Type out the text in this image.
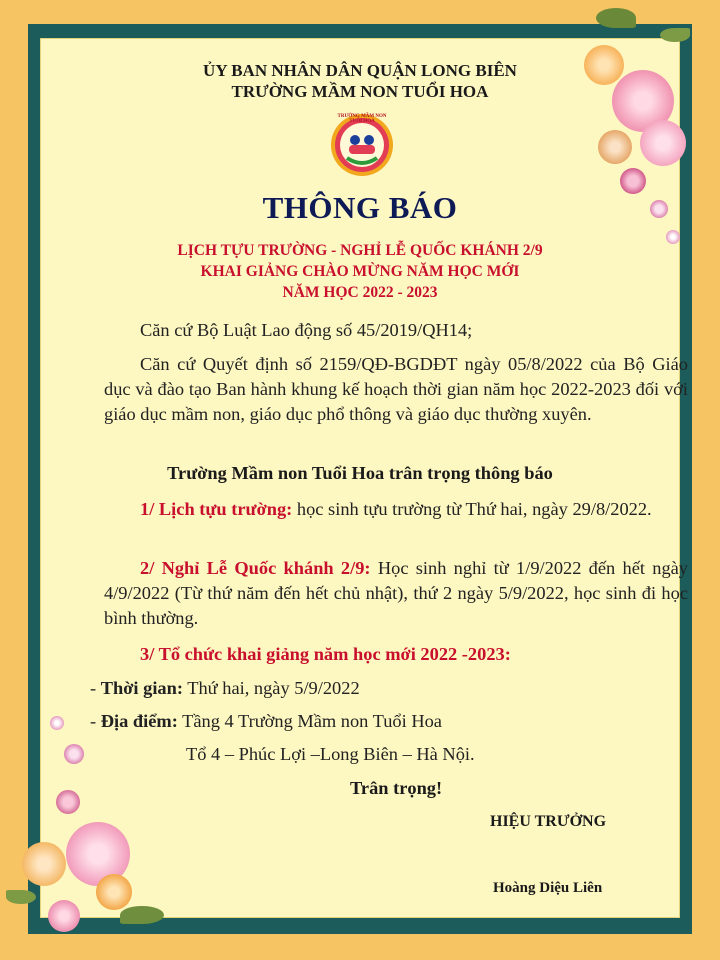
ỦY BAN NHÂN DÂN QUẬN LONG BIÊN
TRƯỜNG MẦM NON TUỔI HOA
TRƯỜNG MẦM NON TUỔI HOA
THÔNG BÁO
LỊCH TỰU TRƯỜNG - NGHỈ LỄ QUỐC KHÁNH 2/9
KHAI GIẢNG CHÀO MỪNG NĂM HỌC MỚI
NĂM HỌC 2022 - 2023
Căn cứ Bộ Luật Lao động số 45/2019/QH14;
Căn cứ Quyết định số 2159/QĐ-BGDĐT ngày 05/8/2022 của Bộ Giáo dục và đào tạo Ban hành khung kế hoạch thời gian năm học 2022-2023 đối với giáo dục mầm non, giáo dục phổ thông và giáo dục thường xuyên.
Trường Mầm non Tuổi Hoa trân trọng thông báo
1/ Lịch tựu trường: học sinh tựu trường từ Thứ hai, ngày 29/8/2022.
2/ Nghỉ Lễ Quốc khánh 2/9: Học sinh nghỉ từ 1/9/2022 đến hết ngày 4/9/2022 (Từ thứ năm đến hết chủ nhật), thứ 2 ngày 5/9/2022, học sinh đi học bình thường.
3/ Tổ chức khai giảng năm học mới 2022 -2023:
- Thời gian: Thứ hai, ngày 5/9/2022
- Địa điểm: Tầng 4 Trường Mầm non Tuổi Hoa
Tổ 4 – Phúc Lợi –Long Biên – Hà Nội.
Trân trọng!
HIỆU TRƯỞNG
Hoàng Diệu Liên
